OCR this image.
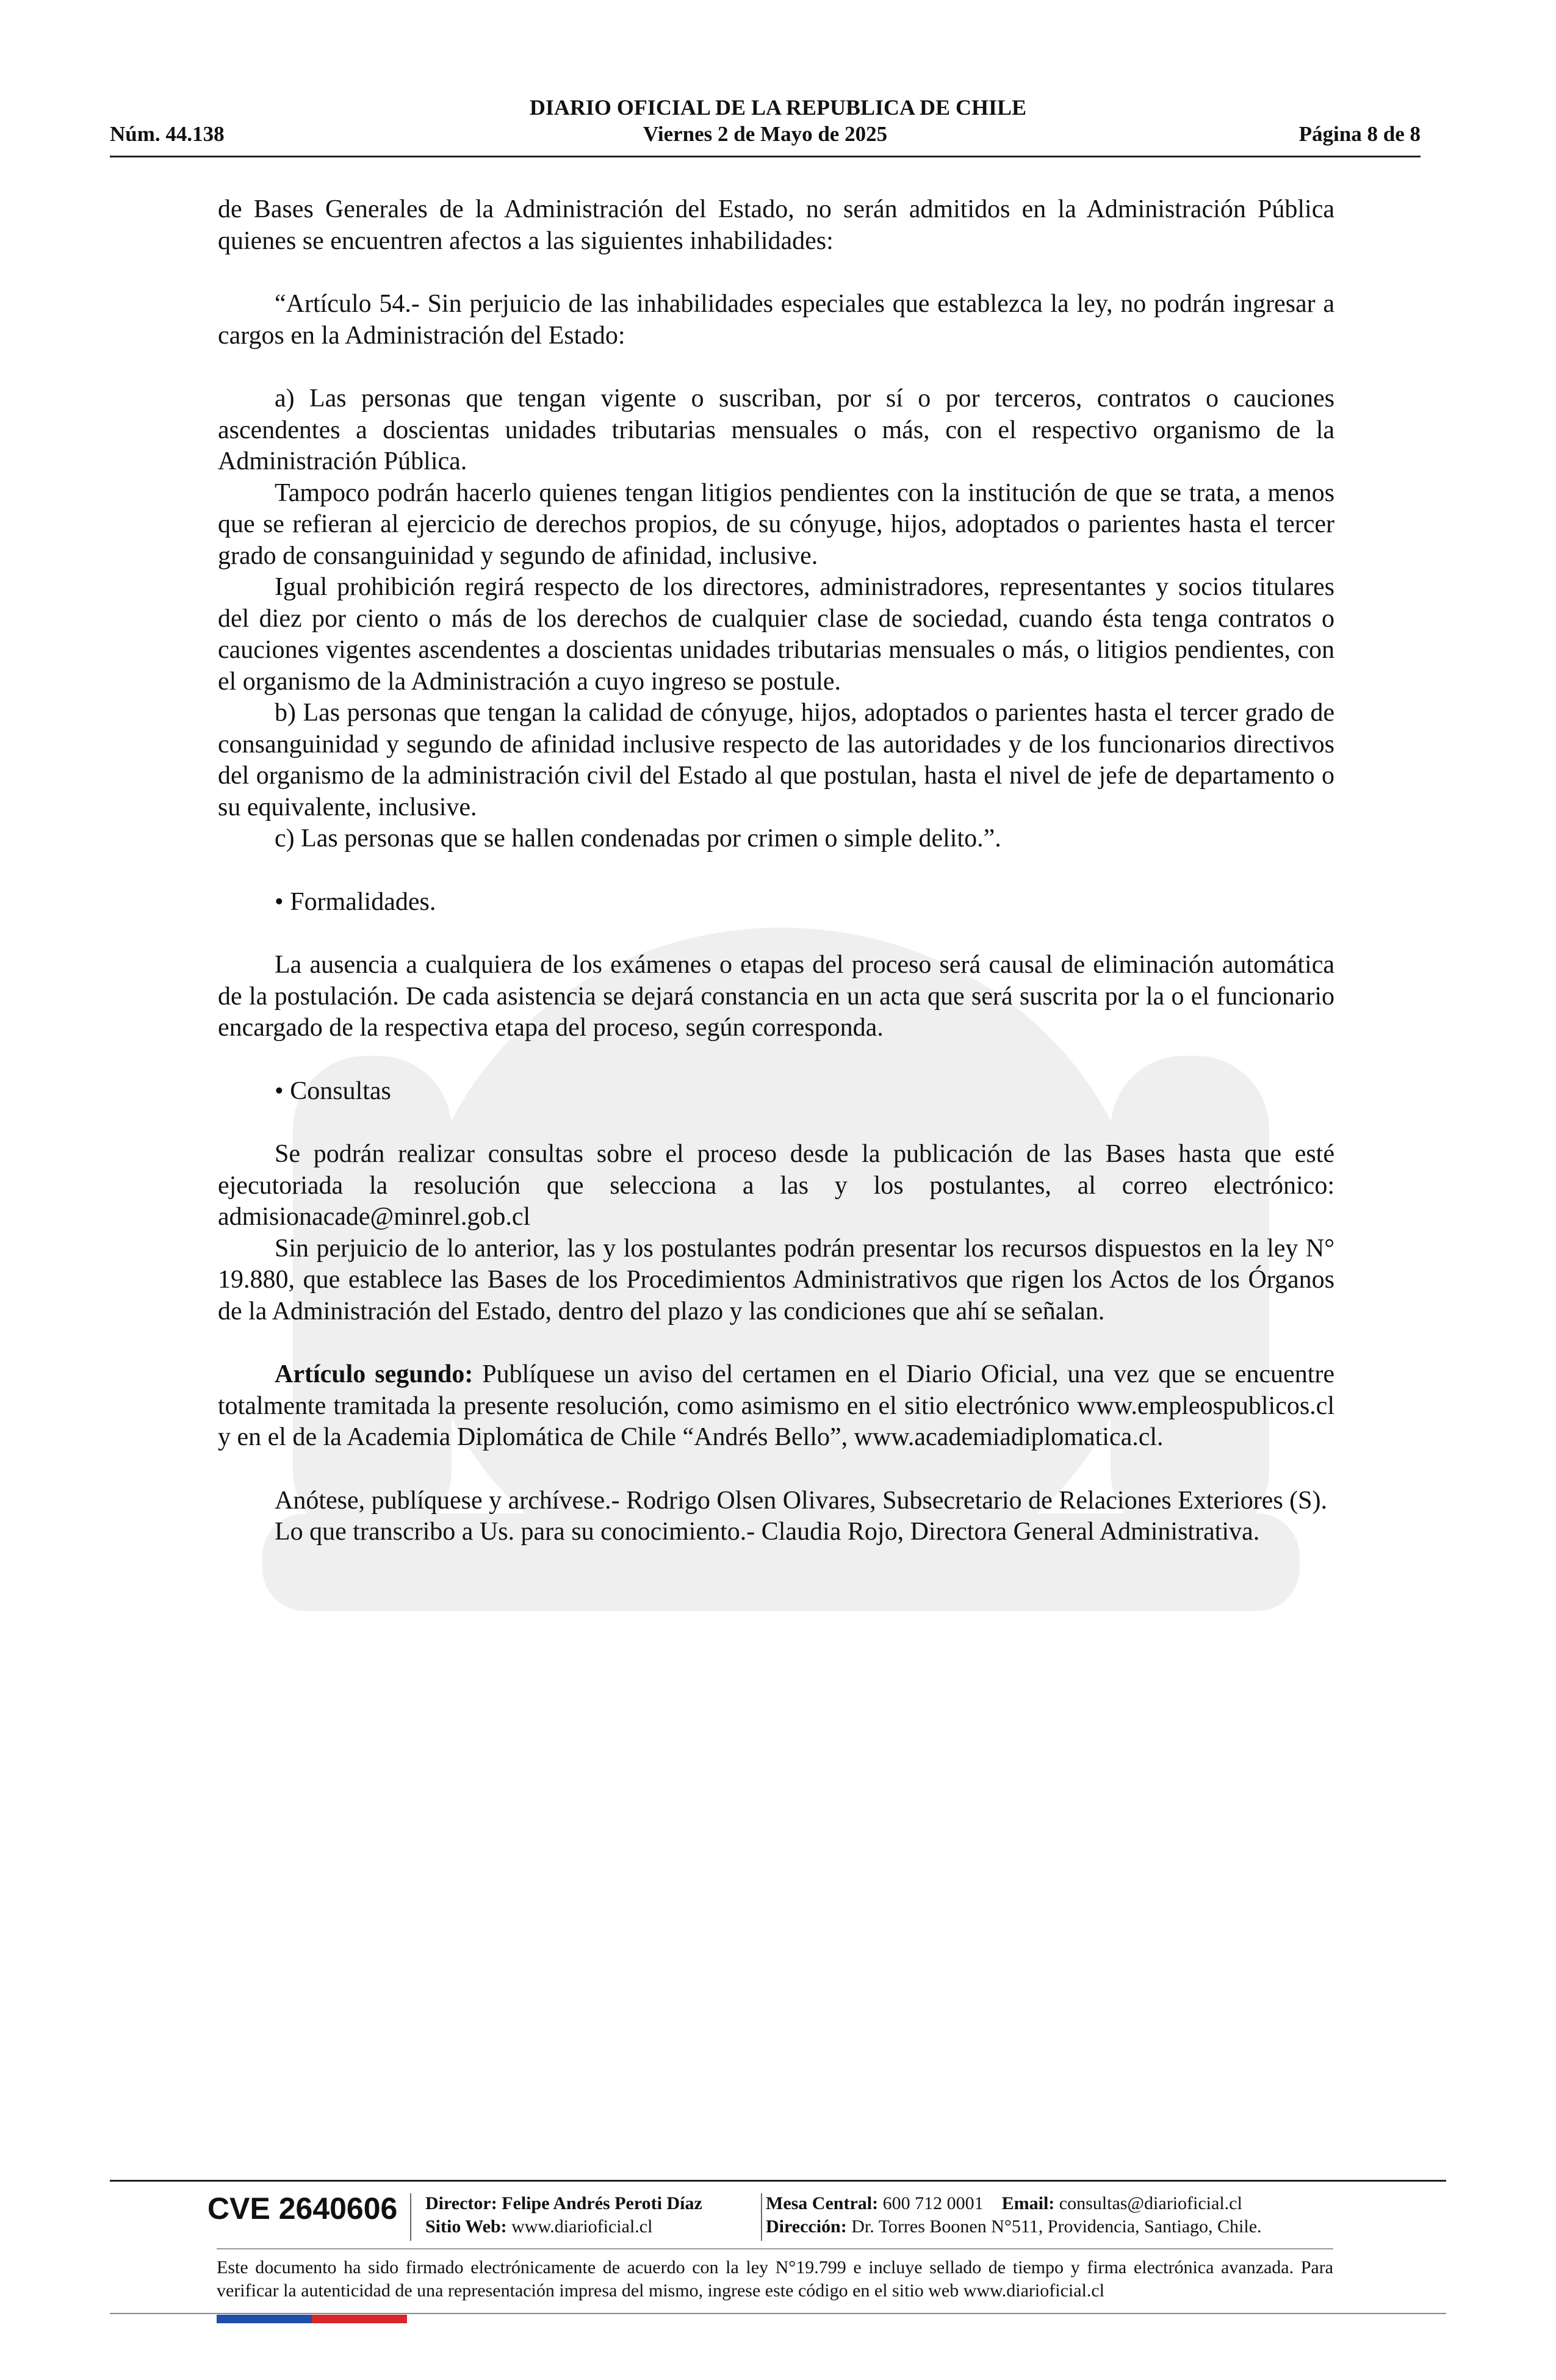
DIARIO OFICIAL DE LA REPUBLICA DE CHILE
Núm. 44.138	Viernes 2 de Mayo de 2025	Página 8 de 8

de Bases Generales de la Administración del Estado, no serán admitidos en la Administración Pública quienes se encuentren afectos a las siguientes inhabilidades:

“Artículo 54.- Sin perjuicio de las inhabilidades especiales que establezca la ley, no podrán ingresar a cargos en la Administración del Estado:

a) Las personas que tengan vigente o suscriban, por sí o por terceros, contratos o cauciones ascendentes a doscientas unidades tributarias mensuales o más, con el respectivo organismo de la Administración Pública.

Tampoco podrán hacerlo quienes tengan litigios pendientes con la institución de que se trata, a menos que se refieran al ejercicio de derechos propios, de su cónyuge, hijos, adoptados o parientes hasta el tercer grado de consanguinidad y segundo de afinidad, inclusive.

Igual prohibición regirá respecto de los directores, administradores, representantes y socios titulares del diez por ciento o más de los derechos de cualquier clase de sociedad, cuando ésta tenga contratos o cauciones vigentes ascendentes a doscientas unidades tributarias mensuales o más, o litigios pendientes, con el organismo de la Administración a cuyo ingreso se postule.

b) Las personas que tengan la calidad de cónyuge, hijos, adoptados o parientes hasta el tercer grado de consanguinidad y segundo de afinidad inclusive respecto de las autoridades y de los funcionarios directivos del organismo de la administración civil del Estado al que postulan, hasta el nivel de jefe de departamento o su equivalente, inclusive.

c) Las personas que se hallen condenadas por crimen o simple delito.”.

• Formalidades.

La ausencia a cualquiera de los exámenes o etapas del proceso será causal de eliminación automática de la postulación. De cada asistencia se dejará constancia en un acta que será suscrita por la o el funcionario encargado de la respectiva etapa del proceso, según corresponda.

• Consultas

Se podrán realizar consultas sobre el proceso desde la publicación de las Bases hasta que esté ejecutoriada la resolución que selecciona a las y los postulantes, al correo electrónico: admisionacade@minrel.gob.cl

Sin perjuicio de lo anterior, las y los postulantes podrán presentar los recursos dispuestos en la ley N° 19.880, que establece las Bases de los Procedimientos Administrativos que rigen los Actos de los Órganos de la Administración del Estado, dentro del plazo y las condiciones que ahí se señalan.

Artículo segundo: Publíquese un aviso del certamen en el Diario Oficial, una vez que se encuentre totalmente tramitada la presente resolución, como asimismo en el sitio electrónico www.empleospublicos.cl y en el de la Academia Diplomática de Chile “Andrés Bello”, www.academiadiplomatica.cl.

Anótese, publíquese y archívese.- Rodrigo Olsen Olivares, Subsecretario de Relaciones Exteriores (S).

Lo que transcribo a Us. para su conocimiento.- Claudia Rojo, Directora General Administrativa.

CVE 2640606 Director: Felipe Andrés Peroti Díaz
Sitio Web: www.diarioficial.cl
Mesa Central: 600 712 0001 Email: consultas@diarioficial.cl
Dirección: Dr. Torres Boonen N°511, Providencia, Santiago, Chile.
Este documento ha sido firmado electrónicamente de acuerdo con la ley N°19.799 e incluye sellado de tiempo y firma electrónica avanzada. Para verificar la autenticidad de una representación impresa del mismo, ingrese este código en el sitio web www.diarioficial.cl
